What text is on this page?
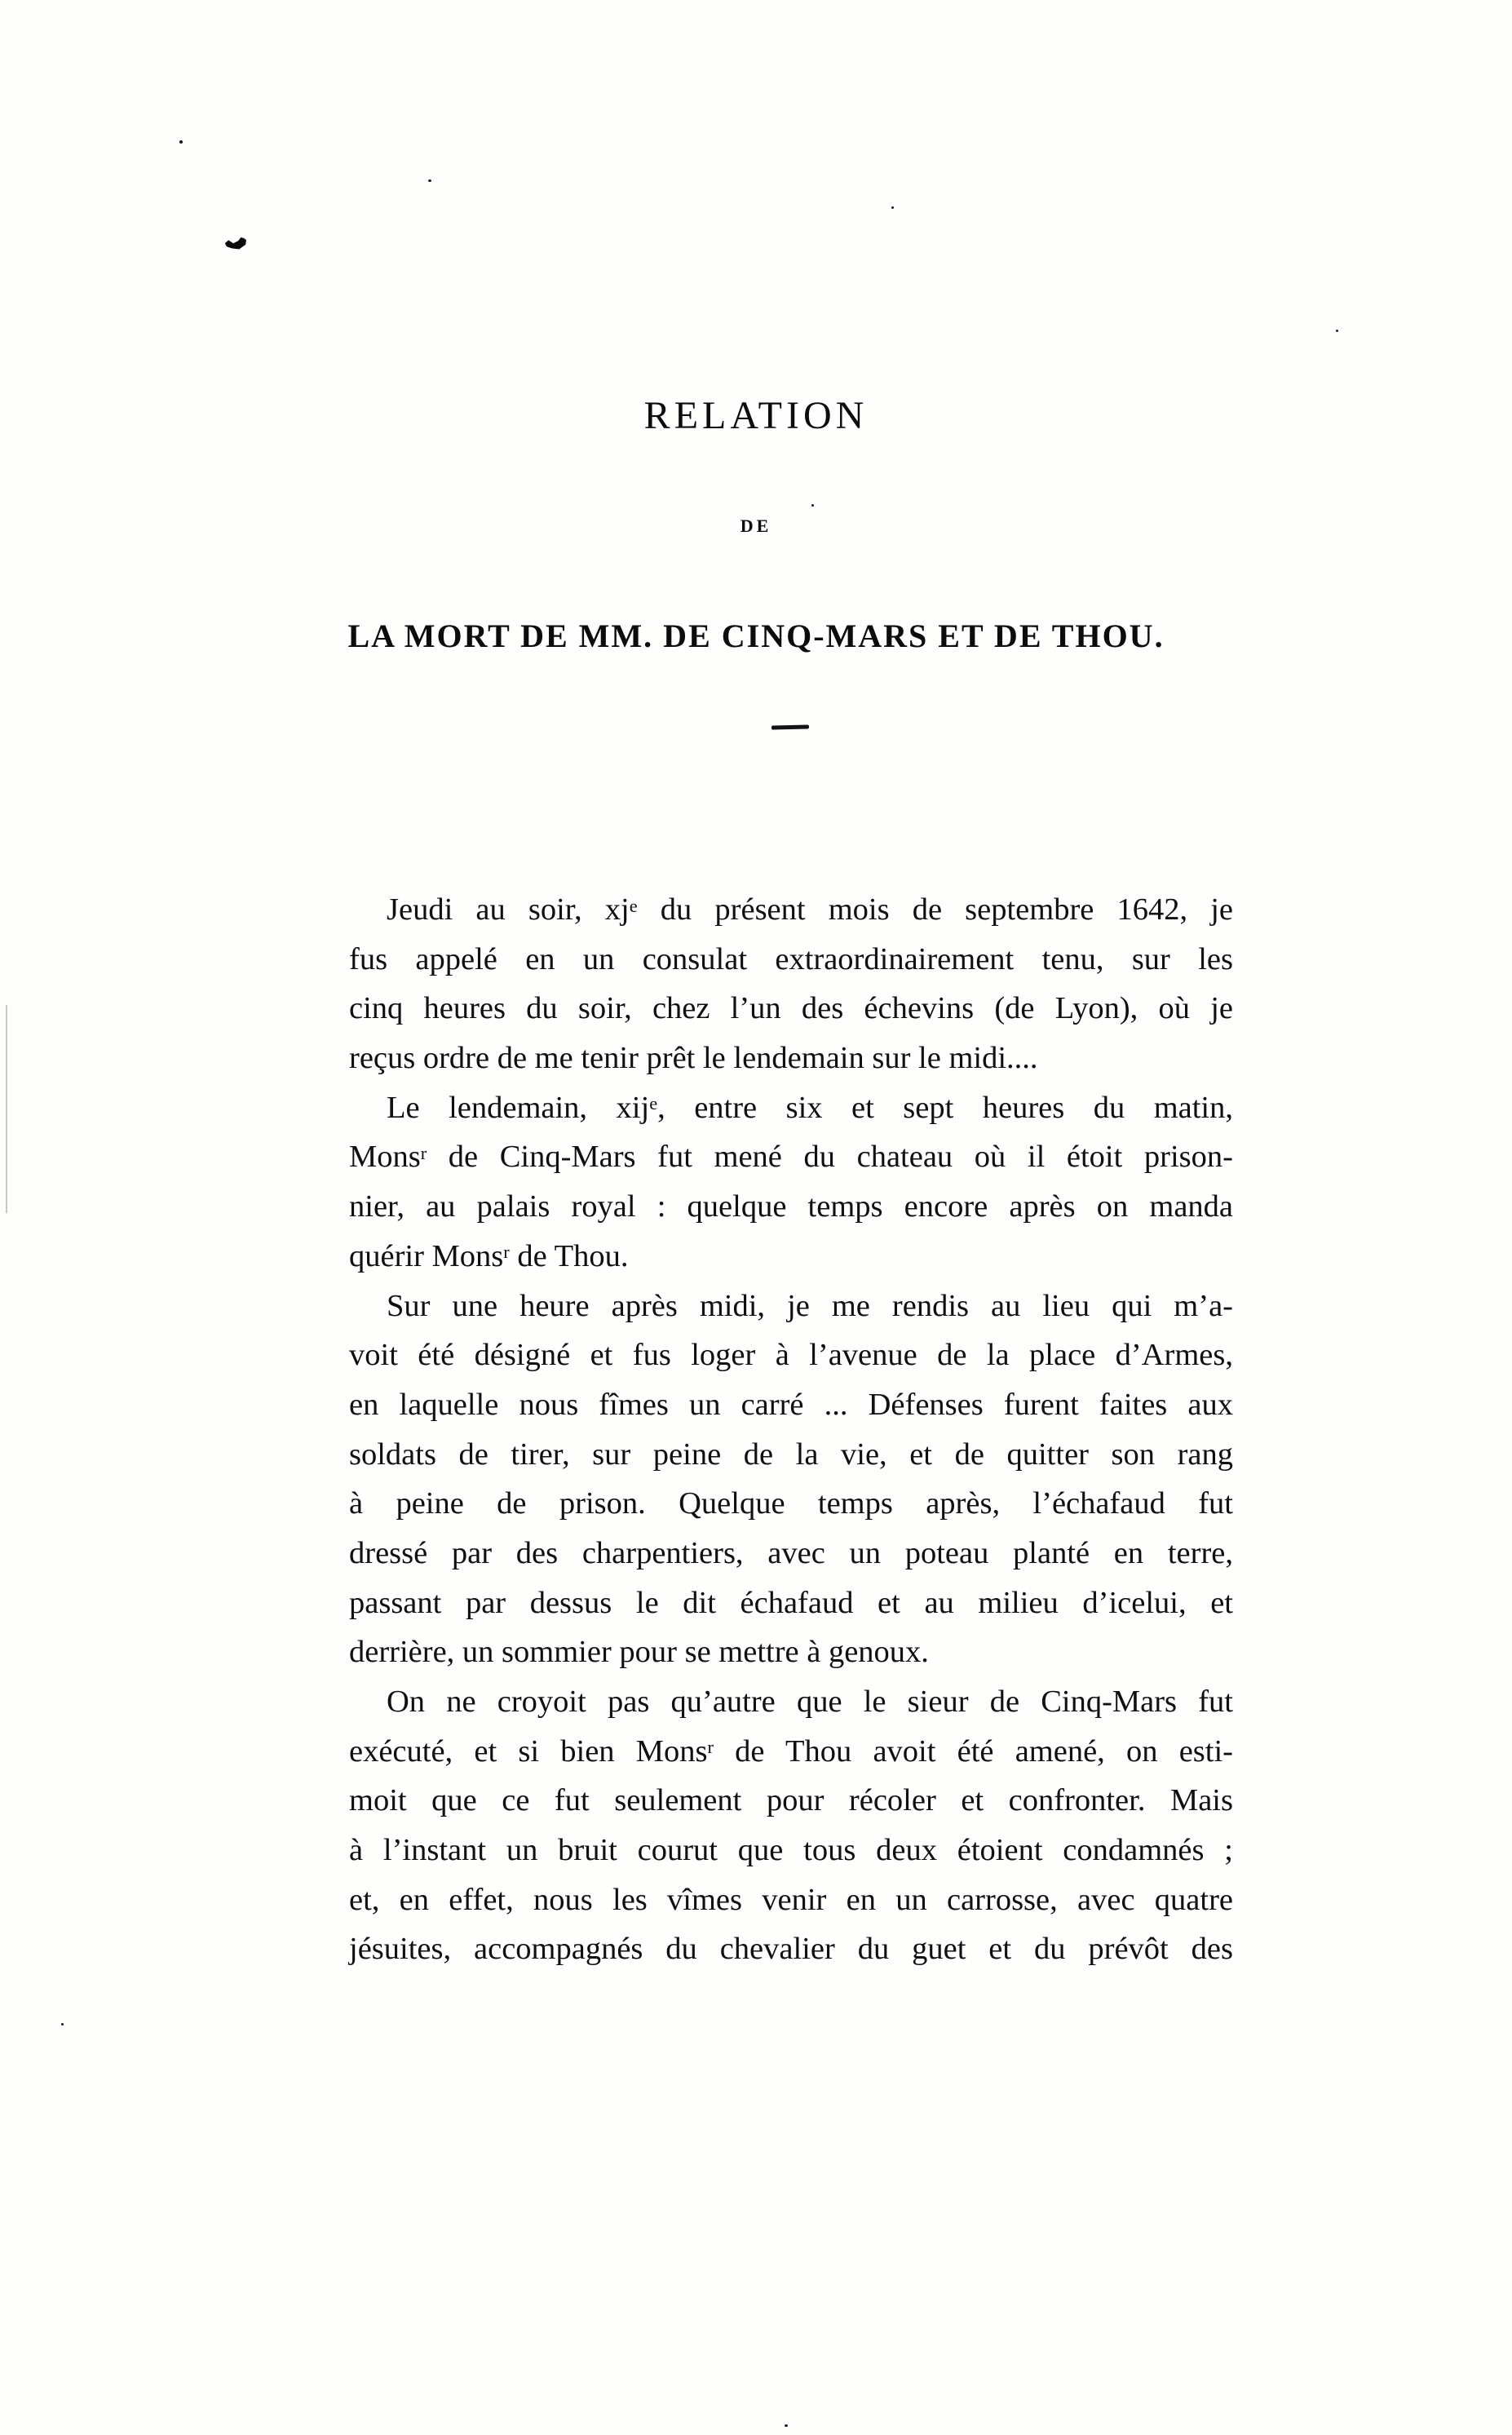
RELATION
DE
LA MORT DE MM. DE CINQ-MARS ET DE THOU.
Jeudi au soir, $xj^e$ du présent mois de septembre 1642, je
fus appelé en un consulat extraordinairement tenu, sur les
cinq heures du soir, chez l’un des échevins (de Lyon), où je
reçus ordre de me tenir prêt le lendemain sur le midi....
Le lendemain, xij$^e$, entre six et sept heures du matin,
Mons$^r$ de Cinq-Mars fut mené du chateau où il étoit prison-
nier, au palais royal : quelque temps encore après on manda
quérir Mons$^r$ de Thou.
Sur une heure après midi, je me rendis au lieu qui m’a-
voit été désigné et fus loger à l’avenue de la place d’Armes,
en laquelle nous fîmes un carré ... Défenses furent faites aux
soldats de tirer, sur peine de la vie, et de quitter son rang
à peine de prison. Quelque temps après, l’échafaud fut
dressé par des charpentiers, avec un poteau planté en terre,
passant par dessus le dit échafaud et au milieu d’icelui, et
derrière, un sommier pour se mettre à genoux.
On ne croyoit pas qu’autre que le sieur de Cinq-Mars fut
exécuté, et si bien Mons$^r$ de Thou avoit été amené, on esti-
moit que ce fut seulement pour récoler et confronter. Mais
à l’instant un bruit courut que tous deux étoient condamnés ;
et, en effet, nous les vîmes venir en un carrosse, avec quatre
jésuites, accompagnés du chevalier du guet et du prévôt des
